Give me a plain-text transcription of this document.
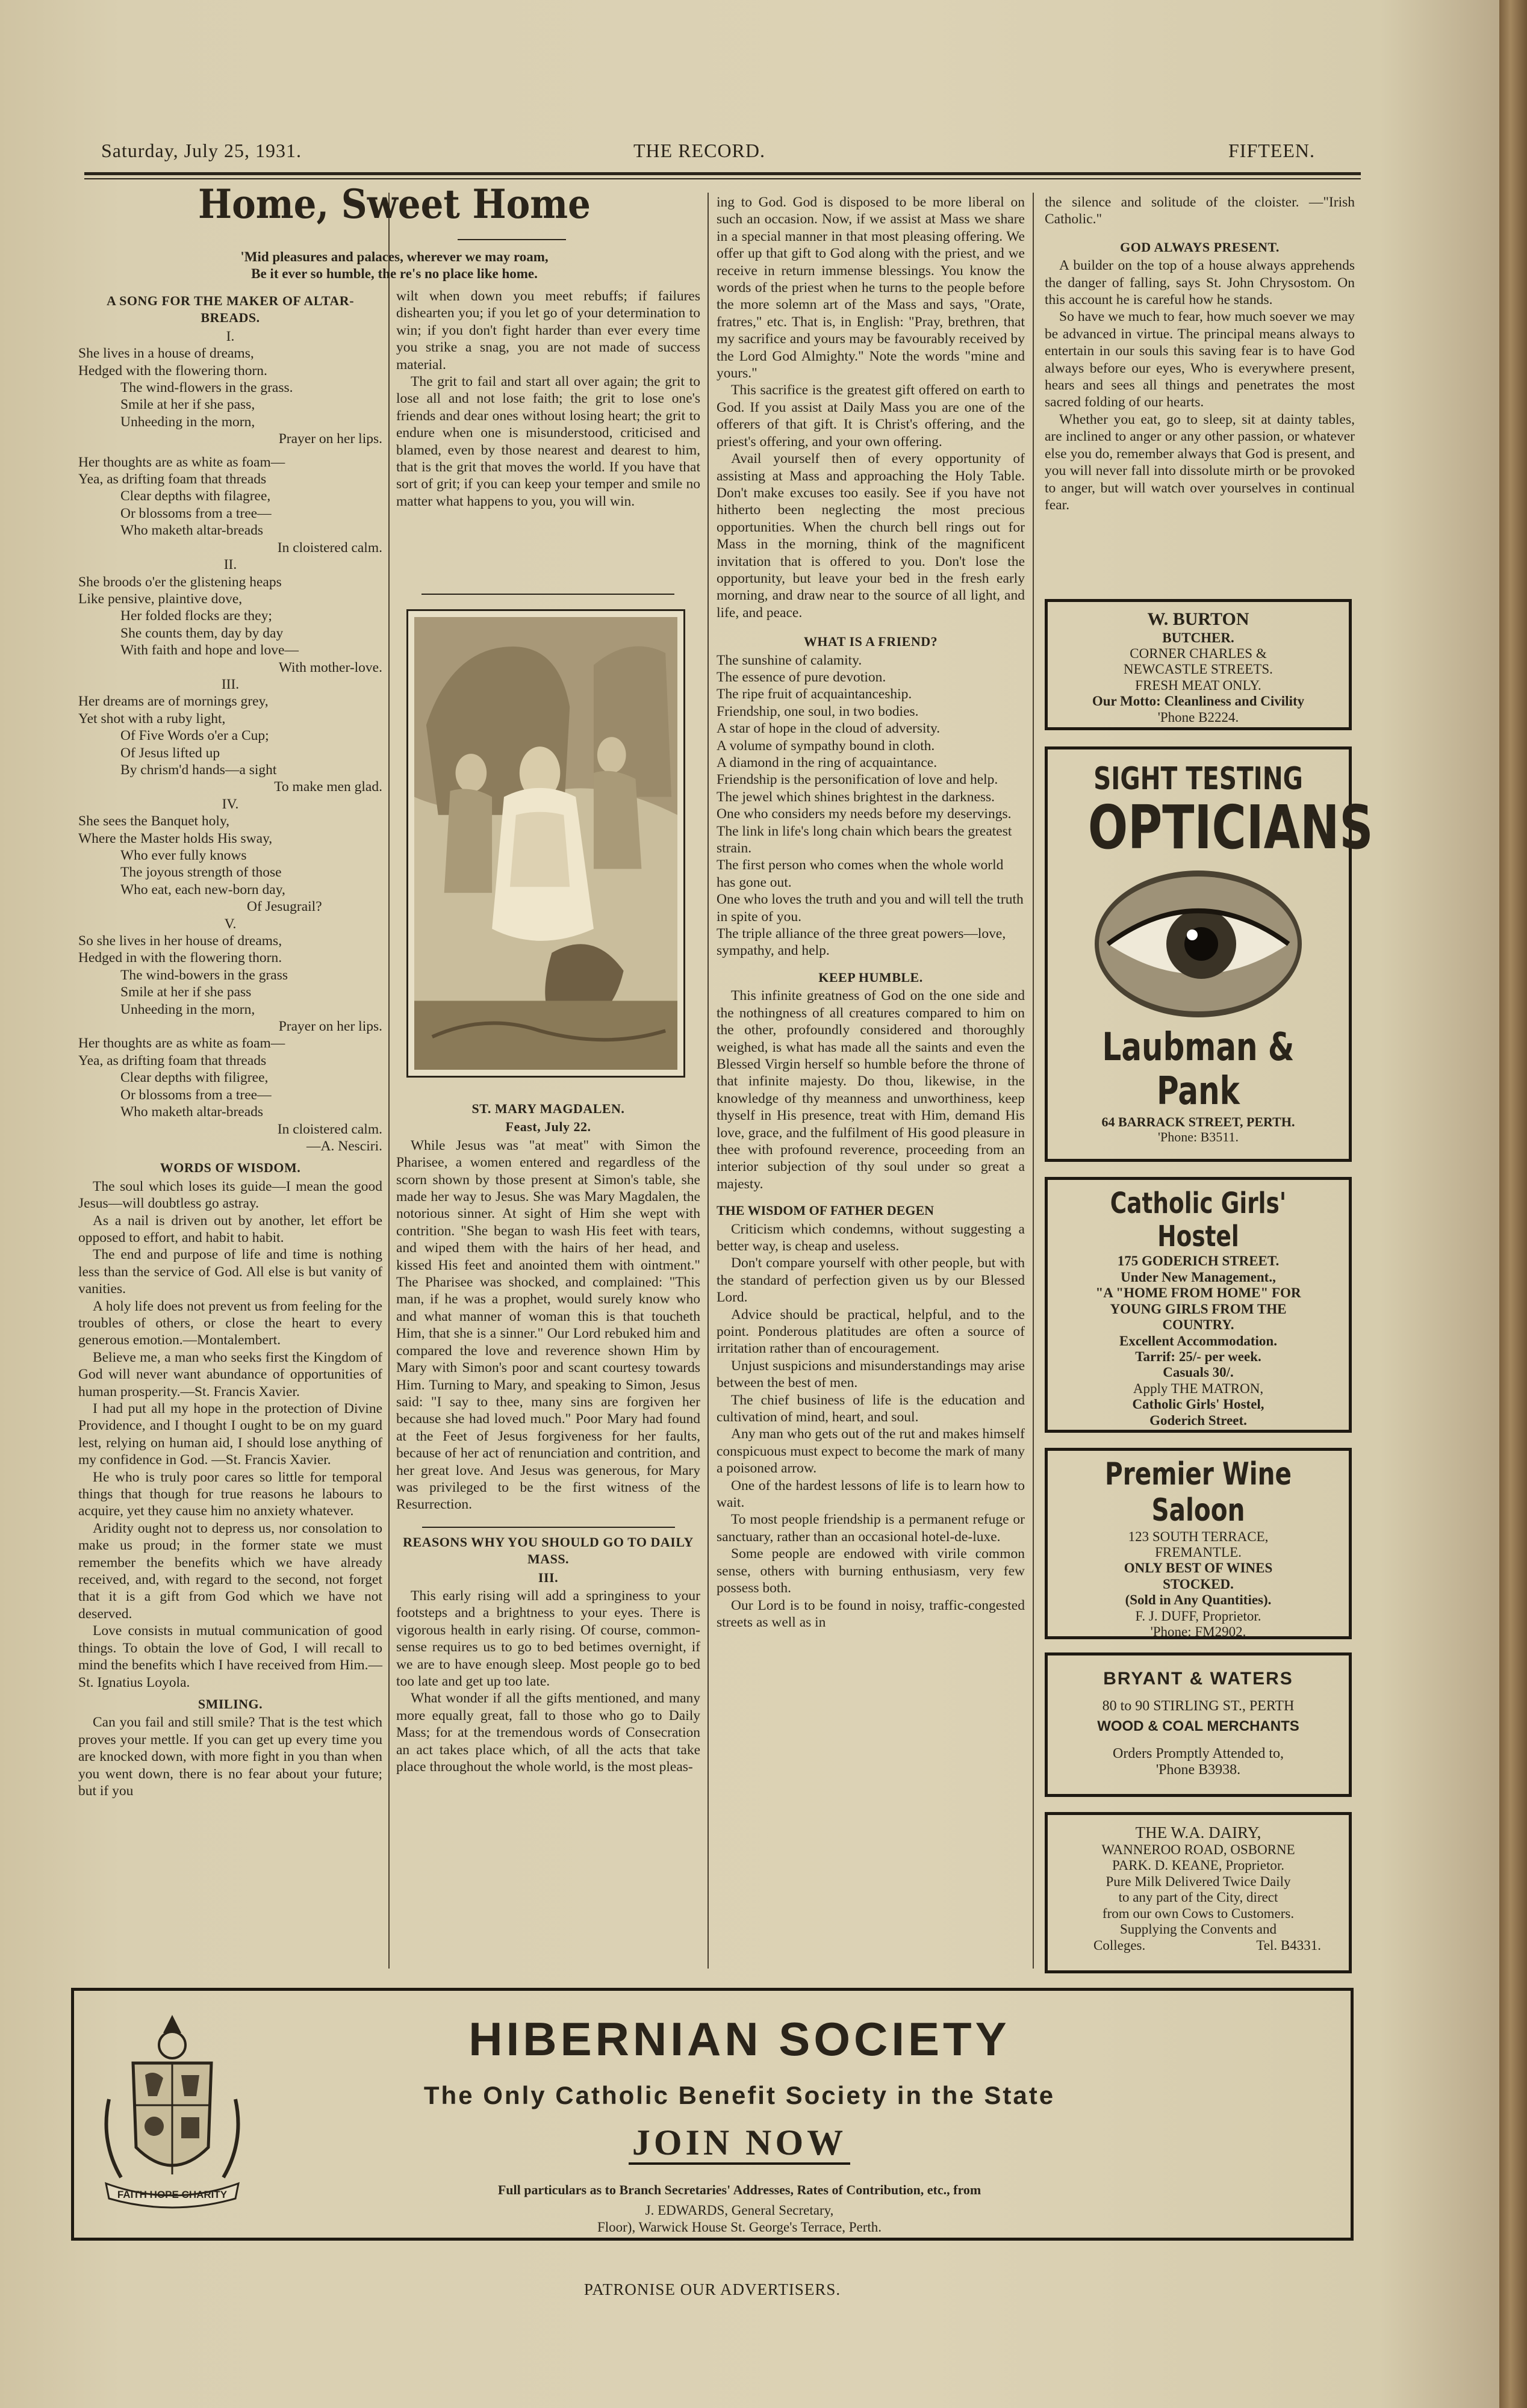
Saturday, July 25, 1931.	THE RECORD.	FIFTEEN.
Home, Sweet Home
'Mid pleasures and palaces, wherever we may roam,
Be it ever so humble, the re's no place like home.
A SONG FOR THE MAKER OF ALTAR-BREADS.
I.
She lives in a house of dreams,
Hedged with the flowering thorn.
The wind-flowers in the grass.
Smile at her if she pass,
Unheeding in the morn,
Prayer on her lips.
Her thoughts are as white as foam—
Yea, as drifting foam that threads
Clear depths with filagree,
Or blossoms from a tree—
Who maketh altar-breads
In cloistered calm.
II.
She broods o'er the glistening heaps
Like pensive, plaintive dove,
Her folded flocks are they;
She counts them, day by day
With faith and hope and love—
With mother-love.
III.
Her dreams are of mornings grey,
Yet shot with a ruby light,
Of Five Words o'er a Cup;
Of Jesus lifted up
By chrism'd hands—a sight
To make men glad.
IV.
She sees the Banquet holy,
Where the Master holds His sway,
Who ever fully knows
The joyous strength of those
Who eat, each new-born day,
Of Jesugrail?
V.
So she lives in her house of dreams,
Hedged in with the flowering thorn.
The wind-bowers in the grass
Smile at her if she pass
Unheeding in the morn,
Prayer on her lips.
Her thoughts are as white as foam—
Yea, as drifting foam that threads
Clear depths with filigree,
Or blossoms from a tree—
Who maketh altar-breads
In cloistered calm.
—A. Nesciri.
WORDS OF WISDOM.

The soul which loses its guide—I mean the good Jesus—will doubtless go astray.

As a nail is driven out by another, let effort be opposed to effort, and habit to habit.

The end and purpose of life and time is nothing less than the service of God. All else is but vanity of vanities.

A holy life does not prevent us from feeling for the troubles of others, or close the heart to every generous emotion.—Montalembert.

Believe me, a man who seeks first the Kingdom of God will never want abundance of opportunities of human prosperity.—St. Francis Xavier.

I had put all my hope in the protection of Divine Providence, and I thought I ought to be on my guard lest, relying on human aid, I should lose anything of my confidence in God. —St. Francis Xavier.

He who is truly poor cares so little for temporal things that though for true reasons he labours to acquire, yet they cause him no anxiety whatever.

Aridity ought not to depress us, nor consolation to make us proud; in the former state we must remember the benefits which we have already received, and, with regard to the second, not forget that it is a gift from God which we have not deserved.

Love consists in mutual communication of good things. To obtain the love of God, I will recall to mind the benefits which I have received from Him.—St. Ignatius Loyola.

SMILING.

Can you fail and still smile? That is the test which proves your mettle. If you can get up every time you are knocked down, with more fight in you than when you went down, there is no fear about your future; but if you

wilt when down you meet rebuffs; if failures dishearten you; if you let go of your determination to win; if you don't fight harder than ever every time you strike a snag, you are not made of success material.

The grit to fail and start all over again; the grit to lose all and not lose faith; the grit to lose one's friends and dear ones without losing heart; the grit to endure when one is misunderstood, criticised and blamed, even by those nearest and dearest to him, that is the grit that moves the world. If you have that sort of grit; if you can keep your temper and smile no matter what happens to you, you will win.

ST. MARY MAGDALEN.
Feast, July 22.

While Jesus was "at meat" with Simon the Pharisee, a women entered and regardless of the scorn shown by those present at Simon's table, she made her way to Jesus. She was Mary Magdalen, the notorious sinner. At sight of Him she wept with contrition. "She began to wash His feet with tears, and wiped them with the hairs of her head, and kissed His feet and anointed them with ointment." The Pharisee was shocked, and complained: "This man, if he was a prophet, would surely know who and what manner of woman this is that toucheth Him, that she is a sinner." Our Lord rebuked him and compared the love and reverence shown Him by Mary with Simon's poor and scant courtesy towards Him. Turning to Mary, and speaking to Simon, Jesus said: "I say to thee, many sins are forgiven her because she had loved much." Poor Mary had found at the Feet of Jesus forgiveness for her faults, because of her act of renunciation and contrition, and her great love. And Jesus was generous, for Mary was privileged to be the first witness of the Resurrection.

REASONS WHY YOU SHOULD GO TO DAILY MASS.
III.

This early rising will add a springiness to your footsteps and a brightness to your eyes. There is vigorous health in early rising. Of course, common-sense requires us to go to bed betimes overnight, if we are to have enough sleep. Most people go to bed too late and get up too late.

What wonder if all the gifts mentioned, and many more equally great, fall to those who go to Daily Mass; for at the tremendous words of Consecration an act takes place which, of all the acts that take place throughout the whole world, is the most pleas-

ing to God. God is disposed to be more liberal on such an occasion. Now, if we assist at Mass we share in a special manner in that most pleasing offering. We offer up that gift to God along with the priest, and we receive in return immense blessings. You know the words of the priest when he turns to the people before the more solemn art of the Mass and says, "Orate, fratres," etc. That is, in English: "Pray, brethren, that my sacrifice and yours may be favourably received by the Lord God Almighty." Note the words "mine and yours."

This sacrifice is the greatest gift offered on earth to God. If you assist at Daily Mass you are one of the offerers of that gift. It is Christ's offering, and the priest's offering, and your own offering.

Avail yourself then of every opportunity of assisting at Mass and approaching the Holy Table. Don't make excuses too easily. See if you have not hitherto been neglecting the most precious opportunities. When the church bell rings out for Mass in the morning, think of the magnificent invitation that is offered to you. Don't lose the opportunity, but leave your bed in the fresh early morning, and draw near to the source of all light, and life, and peace.

WHAT IS A FRIEND?
The sunshine of calamity.
The essence of pure devotion.
The ripe fruit of acquaintanceship.
Friendship, one soul, in two bodies.
A star of hope in the cloud of adversity.
A volume of sympathy bound in cloth.
A diamond in the ring of acquaintance.
Friendship is the personification of love and help.
The jewel which shines brightest in the darkness.
One who considers my needs before my deservings.
The link in life's long chain which bears the greatest strain.
The first person who comes when the whole world has gone out.
One who loves the truth and you and will tell the truth in spite of you.
The triple alliance of the three great powers—love, sympathy, and help.
KEEP HUMBLE.

This infinite greatness of God on the one side and the nothingness of all creatures compared to him on the other, profoundly considered and thoroughly weighed, is what has made all the saints and even the Blessed Virgin herself so humble before the throne of that infinite majesty. Do thou, likewise, in the knowledge of thy meanness and unworthiness, keep thyself in His presence, treat with Him, demand His love, grace, and the fulfilment of His good pleasure in thee with profound reverence, proceeding from an interior subjection of thy soul under so great a majesty.

THE WISDOM OF FATHER DEGEN

Criticism which condemns, without suggesting a better way, is cheap and useless.

Don't compare yourself with other people, but with the standard of perfection given us by our Blessed Lord.

Advice should be practical, helpful, and to the point. Ponderous platitudes are often a source of irritation rather than of encouragement.

Unjust suspicions and misunderstandings may arise between the best of men.

The chief business of life is the education and cultivation of mind, heart, and soul.

Any man who gets out of the rut and makes himself conspicuous must expect to become the mark of many a poisoned arrow.

One of the hardest lessons of life is to learn how to wait.

To most people friendship is a permanent refuge or sanctuary, rather than an occasional hotel-de-luxe.

Some people are endowed with virile common sense, others with burning enthusiasm, very few possess both.

Our Lord is to be found in noisy, traffic-congested streets as well as in

the silence and solitude of the cloister. —"Irish Catholic."

GOD ALWAYS PRESENT.

A builder on the top of a house always apprehends the danger of falling, says St. John Chrysostom. On this account he is careful how he stands.

So have we much to fear, how much soever we may be advanced in virtue. The principal means always to entertain in our souls this saving fear is to have God always before our eyes, Who is everywhere present, hears and sees all things and penetrates the most sacred folding of our hearts.

Whether you eat, go to sleep, sit at dainty tables, are inclined to anger or any other passion, or whatever else you do, remember always that God is present, and you will never fall into dissolute mirth or be provoked to anger, but will watch over yourselves in continual fear.

W. BURTON
BUTCHER.
CORNER CHARLES &
NEWCASTLE STREETS.
FRESH MEAT ONLY.
Our Motto: Cleanliness and Civility
'Phone B2224.
SIGHT TESTING
OPTICIANS
Laubman & Pank
64 BARRACK STREET, PERTH.
'Phone: B3511.
Catholic Girls' Hostel
175 GODERICH STREET.
Under New Management.,
"A "HOME FROM HOME" FOR
YOUNG GIRLS FROM THE
COUNTRY.
Excellent Accommodation.
Tarrif: 25/- per week.
Casuals 30/.
Apply THE MATRON,
Catholic Girls' Hostel,
Goderich Street.
Premier Wine Saloon
123 SOUTH TERRACE,
FREMANTLE.
ONLY BEST OF WINES
STOCKED.
(Sold in Any Quantities).
F. J. DUFF, Proprietor.
'Phone: FM2902.
BRYANT & WATERS
80 to 90 STIRLING ST., PERTH
WOOD & COAL MERCHANTS
Orders Promptly Attended to,
'Phone B3938.
THE W.A. DAIRY,
WANNEROO ROAD, OSBORNE
PARK. D. KEANE, Proprietor.
Pure Milk Delivered Twice Daily
to any part of the City, direct
from our own Cows to Customers.
Supplying the Convents and
Colleges.	Tel. B4331.
FAITH HOPE CHARITY
HIBERNIAN SOCIETY
The Only Catholic Benefit Society in the State
JOIN NOW
Full particulars as to Branch Secretaries' Addresses, Rates of Contribution, etc., from
J. EDWARDS, General Secretary,
Floor), Warwick House St. George's Terrace, Perth.
PATRONISE OUR ADVERTISERS.
